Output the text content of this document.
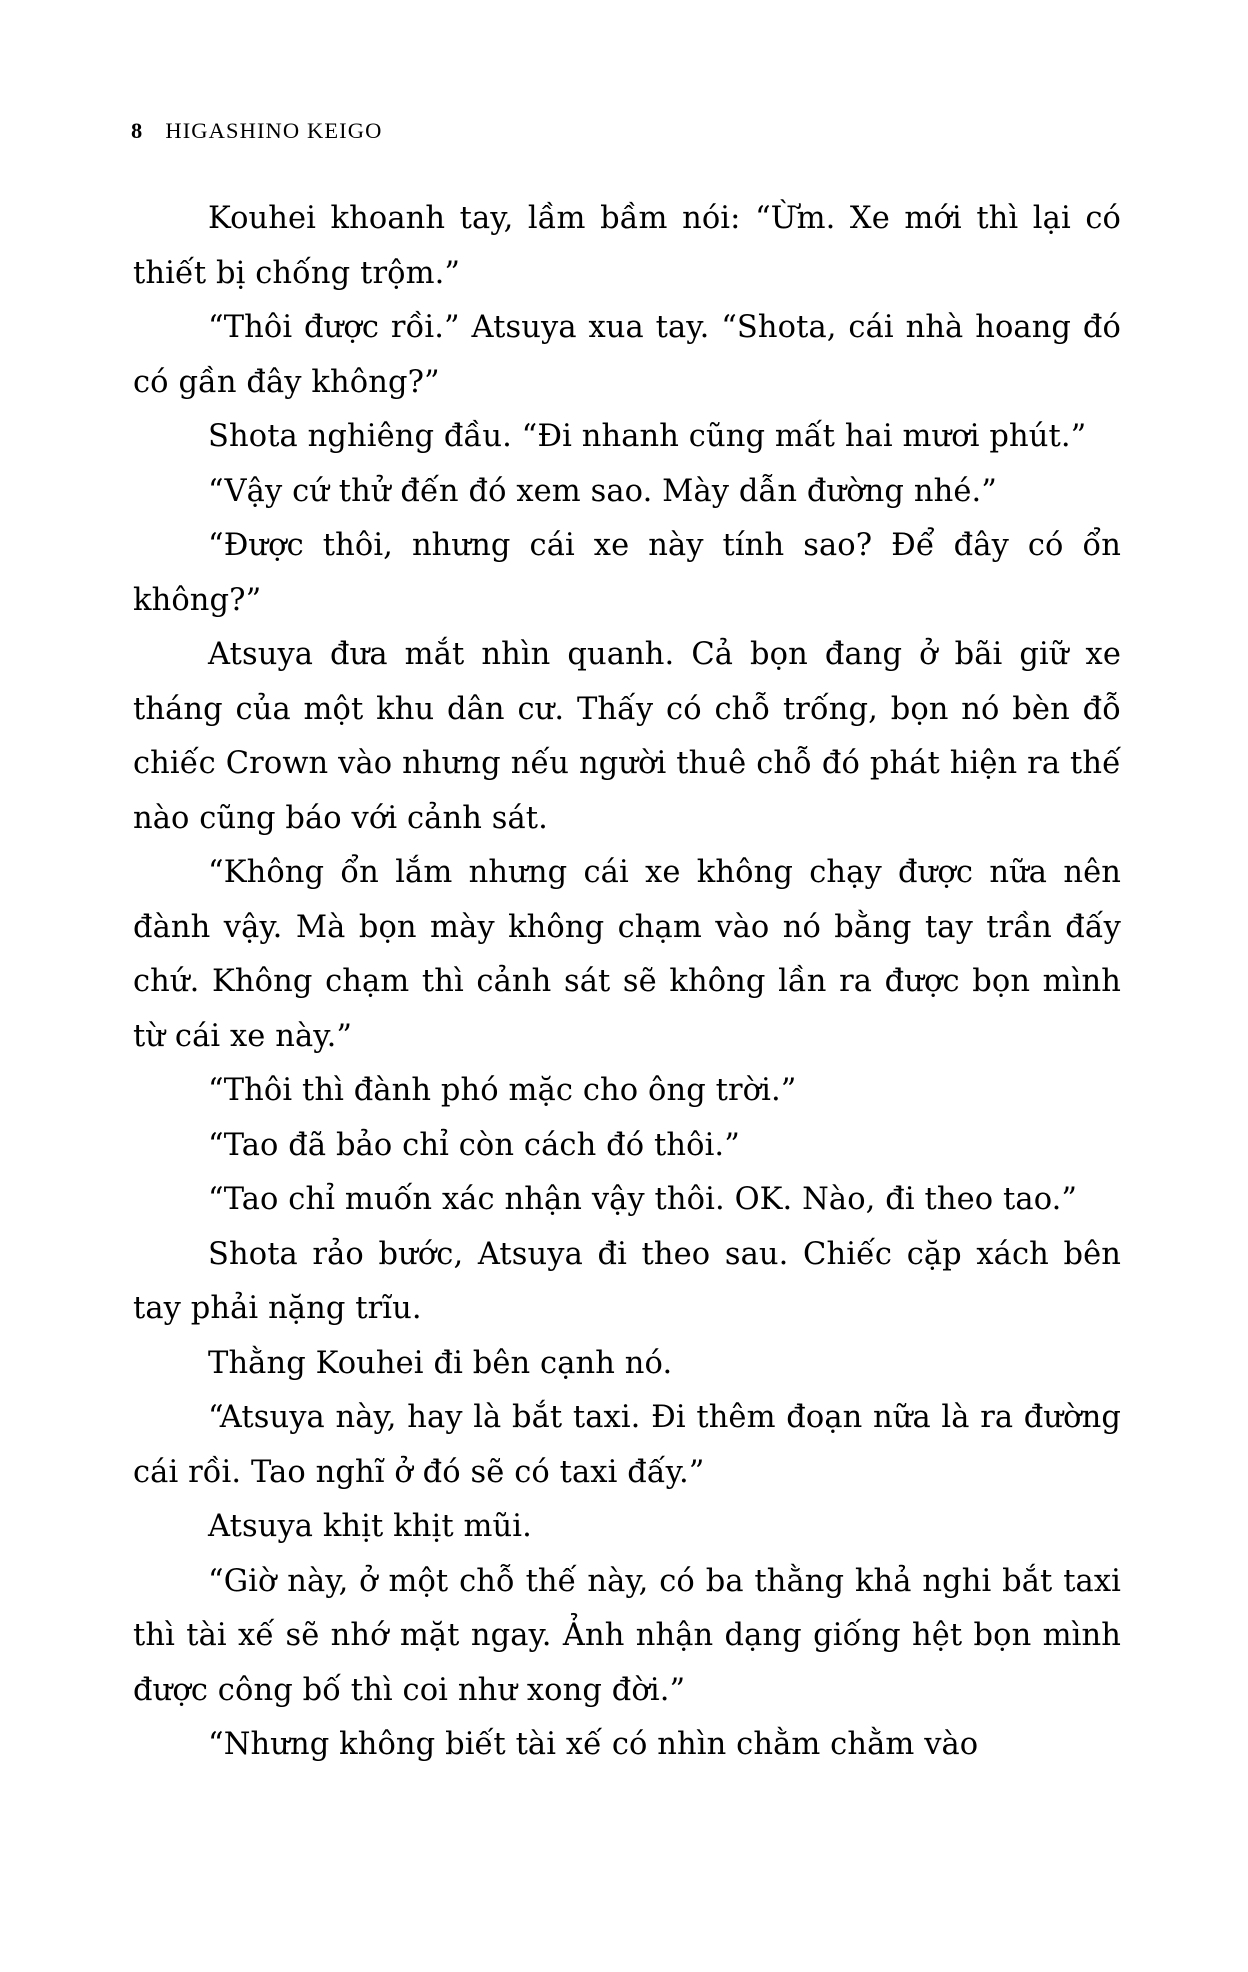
8 HIGASHINO KEIGO

Kouhei khoanh tay, lầm bầm nói: “Ừm. Xe mới thì lại có thiết bị chống trộm.”

“Thôi được rồi.” Atsuya xua tay. “Shota, cái nhà hoang đó có gần đây không?”

Shota nghiêng đầu. “Đi nhanh cũng mất hai mươi phút.”

“Vậy cứ thử đến đó xem sao. Mày dẫn đường nhé.”

“Được thôi, nhưng cái xe này tính sao? Để đây có ổn không?”

Atsuya đưa mắt nhìn quanh. Cả bọn đang ở bãi giữ xe tháng của một khu dân cư. Thấy có chỗ trống, bọn nó bèn đỗ chiếc Crown vào nhưng nếu người thuê chỗ đó phát hiện ra thế nào cũng báo với cảnh sát.

“Không ổn lắm nhưng cái xe không chạy được nữa nên đành vậy. Mà bọn mày không chạm vào nó bằng tay trần đấy chứ. Không chạm thì cảnh sát sẽ không lần ra được bọn mình từ cái xe này.”

“Thôi thì đành phó mặc cho ông trời.”

“Tao đã bảo chỉ còn cách đó thôi.”

“Tao chỉ muốn xác nhận vậy thôi. OK. Nào, đi theo tao.”

Shota rảo bước, Atsuya đi theo sau. Chiếc cặp xách bên tay phải nặng trĩu.

Thằng Kouhei đi bên cạnh nó.

“Atsuya này, hay là bắt taxi. Đi thêm đoạn nữa là ra đường cái rồi. Tao nghĩ ở đó sẽ có taxi đấy.”

Atsuya khịt khịt mũi.

“Giờ này, ở một chỗ thế này, có ba thằng khả nghi bắt taxi thì tài xế sẽ nhớ mặt ngay. Ảnh nhận dạng giống hệt bọn mình được công bố thì coi như xong đời.”

“Nhưng không biết tài xế có nhìn chằm chằm vào
